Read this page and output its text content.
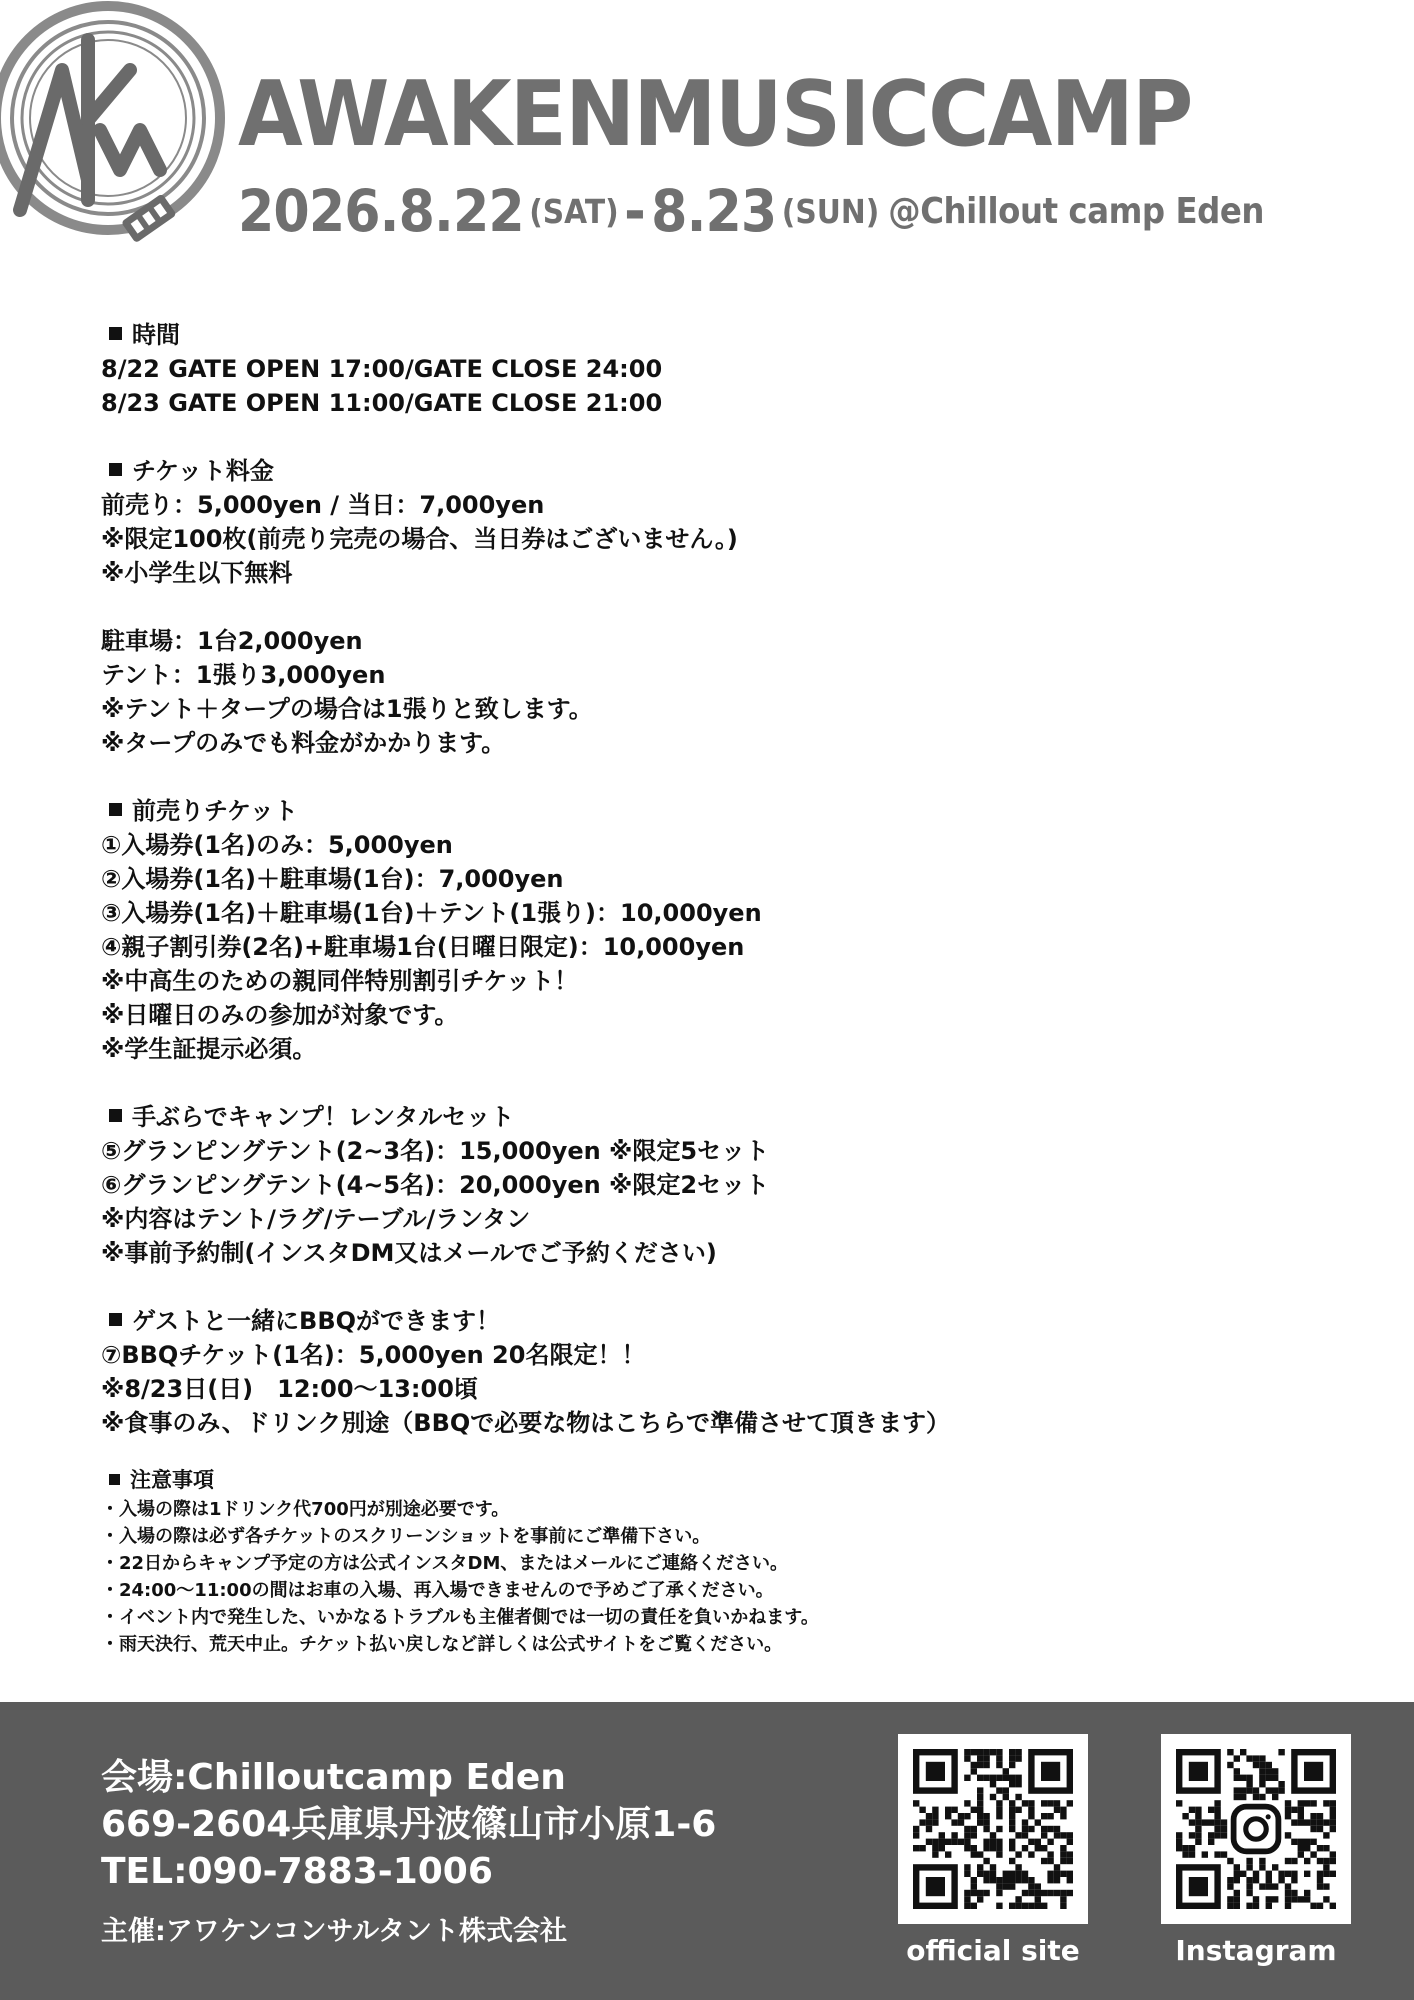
AWAKENMUSICCAMP
2026.8.22 (SAT)-8.23 (SUN) @Chillout camp Eden
時間
8/22 GATE OPEN 17:00/GATE CLOSE 24:00
8/23 GATE OPEN 11:00/GATE CLOSE 21:00
チケット料金
前売り：5,000yen / 当日：7,000yen
※限定100枚(前売り完売の場合、当日券はございません。)
※小学生以下無料
駐車場：1台2,000yen
テント：1張り3,000yen
※テント＋タープの場合は1張りと致します。
※タープのみでも料金がかかります。
前売りチケット
①入場券(1名)のみ：5,000yen
②入場券(1名)＋駐車場(1台)：7,000yen
③入場券(1名)＋駐車場(1台)＋テント(1張り)：10,000yen
④親子割引券(2名)+駐車場1台(日曜日限定)：10,000yen
※中高生のための親同伴特別割引チケット！
※日曜日のみの参加が対象です。
※学生証提示必須。
手ぶらでキャンプ！レンタルセット
⑤グランピングテント(2~3名)：15,000yen ※限定5セット
⑥グランピングテント(4~5名)：20,000yen ※限定2セット
※内容はテント/ラグ/テーブル/ランタン
※事前予約制(インスタDM又はメールでご予約ください)
ゲストと一緒にBBQができます！
⑦BBQチケット(1名)：5,000yen 20名限定！！
※8/23日(日)　12:00〜13:00頃
※食事のみ、ドリンク別途（BBQで必要な物はこちらで準備させて頂きます）
注意事項
・入場の際は1ドリンク代700円が別途必要です。
・入場の際は必ず各チケットのスクリーンショットを事前にご準備下さい。
・22日からキャンプ予定の方は公式インスタDM、またはメールにご連絡ください。
・24:00〜11:00の間はお車の入場、再入場できませんので予めご了承ください。
・イベント内で発生した、いかなるトラブルも主催者側では一切の責任を負いかねます。
・雨天決行、荒天中止。チケット払い戻しなど詳しくは公式サイトをご覧ください。
会場:Chilloutcamp Eden
669-2604兵庫県丹波篠山市小原1-6
TEL:090-7883-1006
主催:アワケンコンサルタント株式会社
official site	Instagram
